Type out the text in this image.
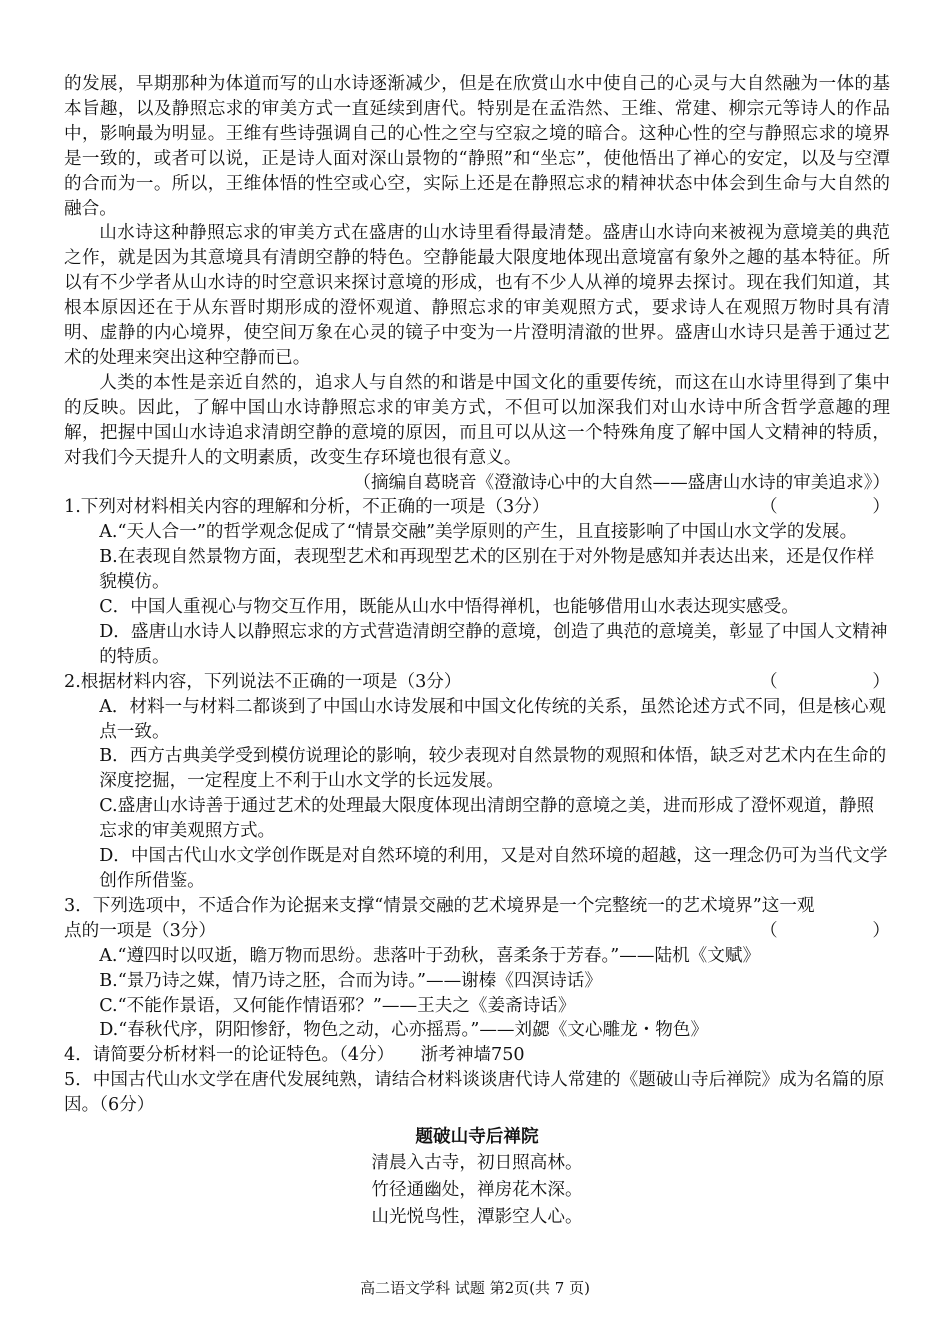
的发展，早期那种为体道而写的山水诗逐渐减少，但是在欣赏山水中使自己的心灵与大自然融为一体的基本旨趣，以及静照忘求的审美方式一直延续到唐代。特别是在孟浩然、王维、常建、柳宗元等诗人的作品中，影响最为明显。王维有些诗强调自己的心性之空与空寂之境的暗合。这种心性的空与静照忘求的境界是一致的，或者可以说，正是诗人面对深山景物的“静照”和“坐忘”，使他悟出了禅心的安定，以及与空潭的合而为一。所以，王维体悟的性空或心空，实际上还是在静照忘求的精神状态中体会到生命与大自然的融合。

山水诗这种静照忘求的审美方式在盛唐的山水诗里看得最清楚。盛唐山水诗向来被视为意境美的典范之作，就是因为其意境具有清朗空静的特色。空静能最大限度地体现出意境富有象外之趣的基本特征。所以有不少学者从山水诗的时空意识来探讨意境的形成，也有不少人从禅的境界去探讨。现在我们知道，其根本原因还在于从东晋时期形成的澄怀观道、静照忘求的审美观照方式，要求诗人在观照万物时具有清明、虚静的内心境界，使空间万象在心灵的镜子中变为一片澄明清澈的世界。盛唐山水诗只是善于通过艺术的处理来突出这种空静而已。

人类的本性是亲近自然的，追求人与自然的和谐是中国文化的重要传统，而这在山水诗里得到了集中的反映。因此，了解中国山水诗静照忘求的审美方式，不但可以加深我们对山水诗中所含哲学意趣的理解，把握中国山水诗追求清朗空静的意境的原因，而且可以从这一个特殊角度了解中国人文精神的特质，对我们今天提升人的文明素质，改变生存环境也很有意义。

（摘编自葛晓音《澄澈诗心中的大自然——盛唐山水诗的审美追求》）

1.下列对材料相关内容的理解和分析，不正确的一项是（3分）	（	）

A.“天人合一”的哲学观念促成了“情景交融”美学原则的产生，且直接影响了中国山水文学的发展。

B.在表现自然景物方面，表现型艺术和再现型艺术的区别在于对外物是感知并表达出来，还是仅作样貌模仿。

C．中国人重视心与物交互作用，既能从山水中悟得禅机，也能够借用山水表达现实感受。

D．盛唐山水诗人以静照忘求的方式营造清朗空静的意境，创造了典范的意境美，彰显了中国人文精神的特质。

2.根据材料内容，下列说法不正确的一项是（3分）	（	）

A．材料一与材料二都谈到了中国山水诗发展和中国文化传统的关系，虽然论述方式不同，但是核心观点一致。

B．西方古典美学受到模仿说理论的影响，较少表现对自然景物的观照和体悟，缺乏对艺术内在生命的深度挖掘，一定程度上不利于山水文学的长远发展。

C.盛唐山水诗善于通过艺术的处理最大限度体现出清朗空静的意境之美，进而形成了澄怀观道，静照忘求的审美观照方式。

D．中国古代山水文学创作既是对自然环境的利用，又是对自然环境的超越，这一理念仍可为当代文学创作所借鉴。

3．下列选项中，不适合作为论据来支撑“情景交融的艺术境界是一个完整统一的艺术境界”这一观

点的一项是（3分）	（	）

A.“遵四时以叹逝，瞻万物而思纷。悲落叶于劲秋，喜柔条于芳春。”——陆机《文赋》

B.“景乃诗之媒，情乃诗之胚，合而为诗。”——谢榛《四溟诗话》

C.“不能作景语，又何能作情语邪？”——王夫之《姜斋诗话》

D.“春秋代序，阴阳惨舒，物色之动，心亦摇焉。”——刘勰《文心雕龙・物色》

4．请简要分析材料一的论证特色。（4分） 浙考神墙750

5．中国古代山水文学在唐代发展纯熟，请结合材料谈谈唐代诗人常建的《题破山寺后禅院》成为名篇的原因。（6分）

题破山寺后禅院

清晨入古寺，初日照高林。

竹径通幽处，禅房花木深。

山光悦鸟性，潭影空人心。

高二语文学科 试题 第2页(共 7 页)
